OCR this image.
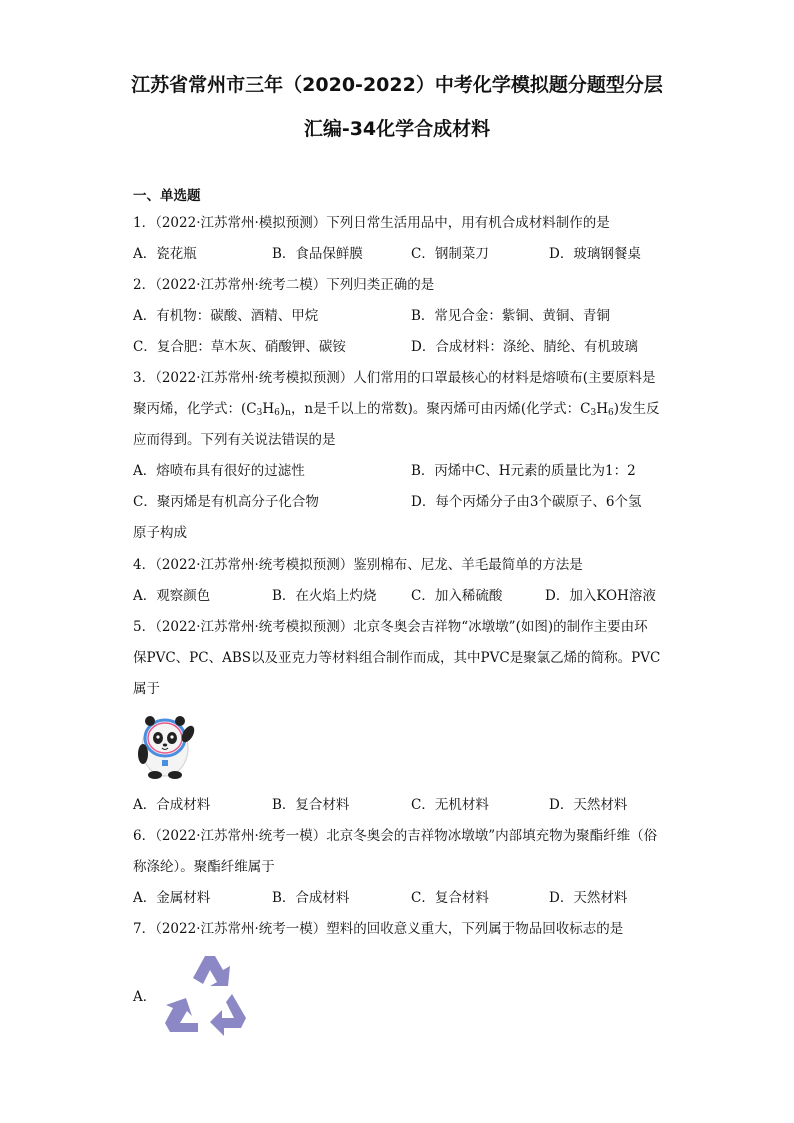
江苏省常州市三年（2020-2022）中考化学模拟题分题型分层
汇编-34化学合成材料
一、单选题
1．（2022·江苏常州·模拟预测）下列日常生活用品中，用有机合成材料制作的是
A．瓷花瓶	B．食品保鲜膜	C．钢制菜刀	D．玻璃钢餐桌
2．（2022·江苏常州·统考二模）下列归类正确的是
A．有机物：碳酸、酒精、甲烷	B．常见合金：紫铜、黄铜、青铜
C．复合肥：草木灰、硝酸钾、碳铵	D．合成材料：涤纶、腈纶、有机玻璃
3．（2022·江苏常州·统考模拟预测）人们常用的口罩最核心的材料是熔喷布(主要原料是
聚丙烯，化学式：$(C_3H_6)_n$，n是千以上的常数)。聚丙烯可由丙烯(化学式：$C_3H_6$)发生反
应而得到。下列有关说法错误的是
A．熔喷布具有很好的过滤性	B．丙烯中C、H元素的质量比为1：2
C．聚丙烯是有机高分子化合物	D．每个丙烯分子由3个碳原子、6个氢
原子构成
4．（2022·江苏常州·统考模拟预测）鉴别棉布、尼龙、羊毛最简单的方法是
A．观察颜色	B．在火焰上灼烧	C．加入稀硫酸	D．加入KOH溶液
5．（2022·江苏常州·统考模拟预测）北京冬奥会吉祥物“冰墩墩”(如图)的制作主要由环
保PVC、PC、ABS以及亚克力等材料组合制作而成，其中PVC是聚氯乙烯的简称。PVC
属于
A．合成材料	B．复合材料	C．无机材料	D．天然材料
6．（2022·江苏常州·统考一模）北京冬奥会的吉祥物冰墩墩”内部填充物为聚酯纤维（俗
称涤纶）。聚酯纤维属于
A．金属材料	B．合成材料	C．复合材料	D．天然材料
7．（2022·江苏常州·统考一模）塑料的回收意义重大，下列属于物品回收标志的是
A．
